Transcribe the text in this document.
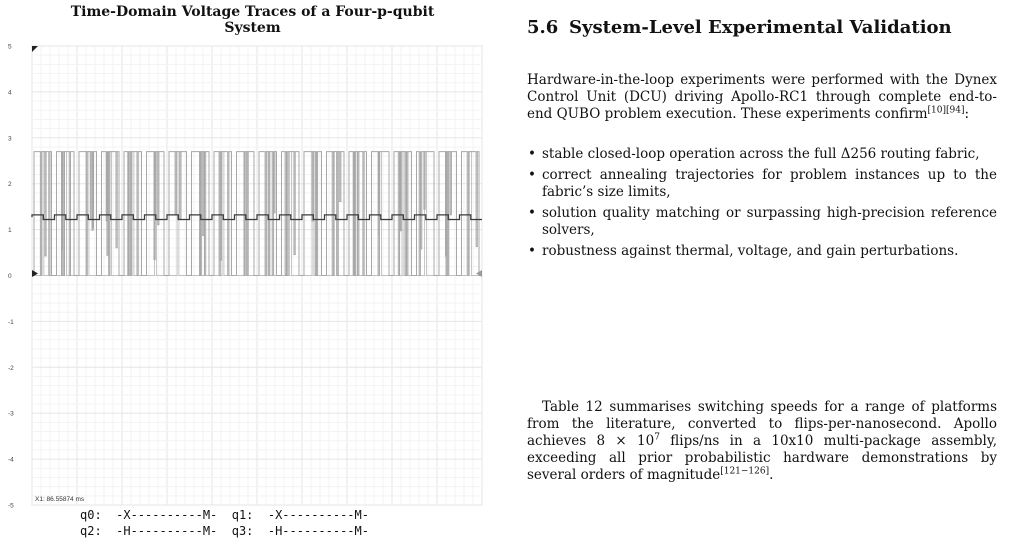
Time-Domain Voltage Traces of a Four-p-qubit
System
5
4
3
2
1
0
-1
-2
-3
-4
-5
X1: 86.55874 ms
q0:  -X----------M-  q1:  -X----------M-
q2:  -H----------M-  q3:  -H----------M-
5.6 System-Level Experimental Validation

Hardware-in-the-loop experiments were performed with the Dynex Control Unit (DCU) driving Apollo-RC1 through complete end-to-end QUBO problem execution. These experiments confirm[10][94]:

• stable closed-loop operation across the full Δ256 routing fabric,
• correct annealing trajectories for problem instances up to the fabric’s size limits,
• solution quality matching or surpassing high-precision reference solvers,
• robustness against thermal, voltage, and gain perturbations.

Table 12 summarises switching speeds for a range of platforms from the literature, converted to flips-per-nanosecond. Apollo achieves $8 \times 10^7$ flips/ns in a 10x10 multi-package assembly, exceeding all prior probabilistic hardware demonstrations by several orders of magnitude[121−126].
